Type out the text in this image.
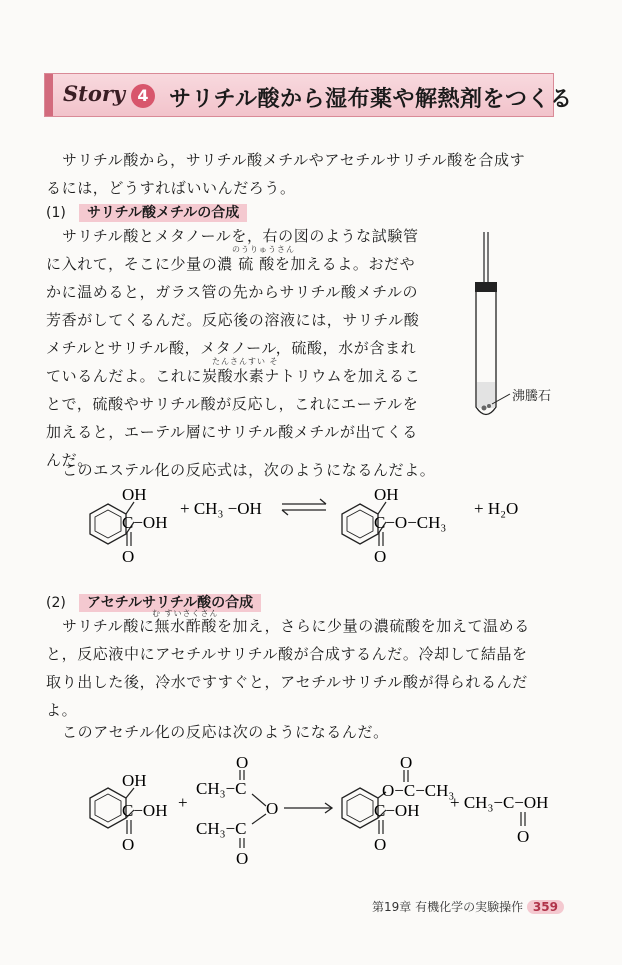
Story 4 サリチル酸から湿布薬や解熱剤をつくる

サリチル酸から，サリチル酸メチルやアセチルサリチル酸を合成す

るには，どうすればいいんだろう。

(1) サリチル酸メチルの合成

サリチル酸とメタノールを，右の図のような試験管

のうりゅうさん

に入れて，そこに少量の濃 硫 酸を加えるよ。おだや

かに温めると，ガラス管の先からサリチル酸メチルの

芳香がしてくるんだ。反応後の溶液には，サリチル酸

メチルとサリチル酸，メタノール，硫酸，水が含まれ

ているんだよ。これに炭酸水素ナトリウムを加えるこ

とで，硫酸やサリチル酸が反応し，これにエーテルを

加えると，エーテル層にサリチル酸メチルが出てくる

んだ。

たんさんすい そ
沸騰石

このエステル化の反応式は，次のようになるんだよ。

OH
C−OH
O
+ CH₃ −OH
OH
C−O−CH₃
O
+ H₂O
(2) アセチルサリチル酸の合成
む すいさくさん

サリチル酸に無水酢酸を加え，さらに少量の濃硫酸を加えて温める

と，反応液中にアセチルサリチル酸が合成するんだ。冷却して結晶を

取り出した後，冷水ですすぐと，アセチルサリチル酸が得られるんだ

よ。

このアセチル化の反応は次のようになるんだ。

OH
C−OH
O
+
O
CH₃−C
O
CH₃−C
O
O
O−C−CH₃
C−OH
O
+ CH₃−C−OH
O
第19章 有機化学の実験操作 359
